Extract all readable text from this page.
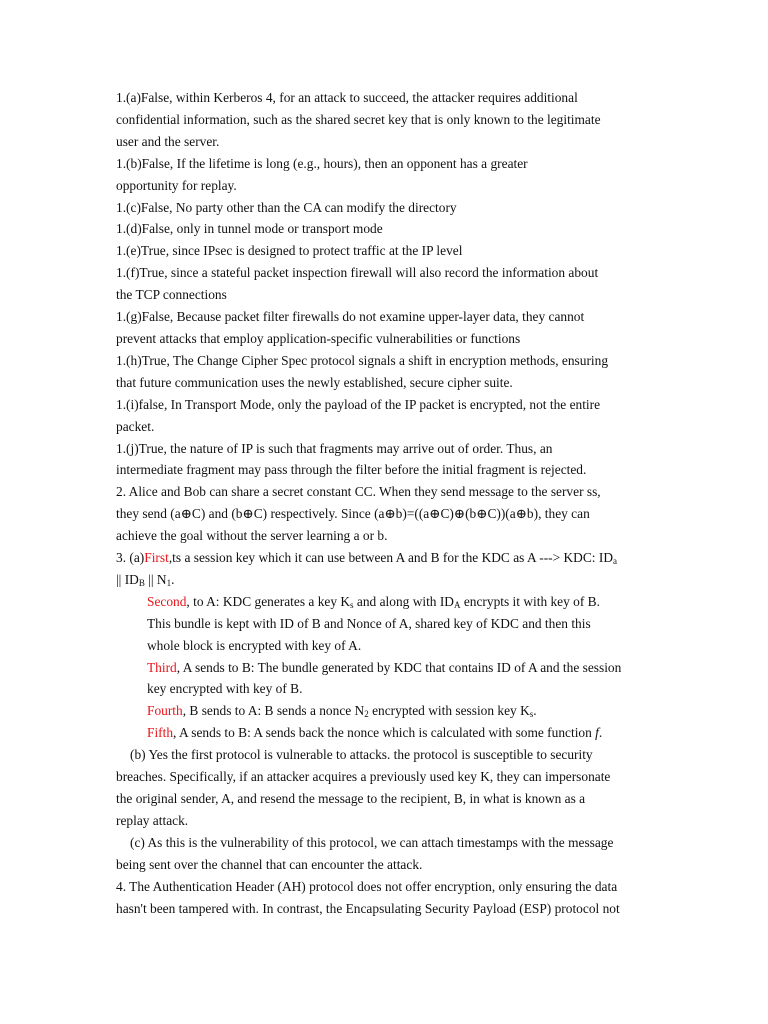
1.(a)False, within Kerberos 4, for an attack to succeed, the attacker requires additional
confidential information, such as the shared secret key that is only known to the legitimate
user and the server.
1.(b)False, If the lifetime is long (e.g., hours), then an opponent has a greater
opportunity for replay.
1.(c)False, No party other than the CA can modify the directory
1.(d)False, only in tunnel mode or transport mode
1.(e)True, since IPsec is designed to protect traffic at the IP level
1.(f)True, since a stateful packet inspection firewall will also record the information about
the TCP connections
1.(g)False, Because packet filter firewalls do not examine upper-layer data, they cannot
prevent attacks that employ application-specific vulnerabilities or functions
1.(h)True, The Change Cipher Spec protocol signals a shift in encryption methods, ensuring
that future communication uses the newly established, secure cipher suite.
1.(i)false, In Transport Mode, only the payload of the IP packet is encrypted, not the entire
packet.
1.(j)True, the nature of IP is such that fragments may arrive out of order. Thus, an
intermediate fragment may pass through the filter before the initial fragment is rejected.
2. Alice and Bob can share a secret constant CC. When they send message to the server ss,
they send (a⊕C) and (b⊕C) respectively. Since (a⊕b)=((a⊕C)⊕(b⊕C))(a⊕b), they can
achieve the goal without the server learning a or b.
3. (a)First,ts a session key which it can use between A and B for the KDC as A ---> KDC: $ID_a$
|| $ID_B$ || $N_1$.
Second, to A: KDC generates a key $K_s$ and along with $ID_A$ encrypts it with key of B.
This bundle is kept with ID of B and Nonce of A, shared key of KDC and then this
whole block is encrypted with key of A.
Third, A sends to B: The bundle generated by KDC that contains ID of A and the session
key encrypted with key of B.
Fourth, B sends to A: B sends a nonce $N_2$ encrypted with session key $K_s$.
Fifth, A sends to B: A sends back the nonce which is calculated with some function f.
(b) Yes the first protocol is vulnerable to attacks. the protocol is susceptible to security
breaches. Specifically, if an attacker acquires a previously used key K, they can impersonate
the original sender, A, and resend the message to the recipient, B, in what is known as a
replay attack.
(c) As this is the vulnerability of this protocol, we can attach timestamps with the message
being sent over the channel that can encounter the attack.
4. The Authentication Header (AH) protocol does not offer encryption, only ensuring the data
hasn't been tampered with. In contrast, the Encapsulating Security Payload (ESP) protocol not
